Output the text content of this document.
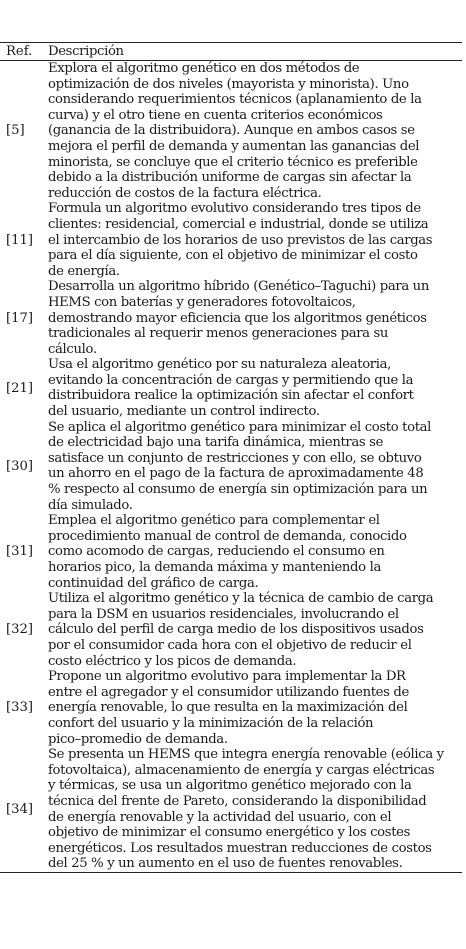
Ref.	Descripción
[5]
Explora el algoritmo genético en dos métodos de
optimización de dos niveles (mayorista y minorista). Uno
considerando requerimientos técnicos (aplanamiento de la
curva) y el otro tiene en cuenta criterios económicos
(ganancia de la distribuidora). Aunque en ambos casos se
mejora el perfil de demanda y aumentan las ganancias del
minorista, se concluye que el criterio técnico es preferible
debido a la distribución uniforme de cargas sin afectar la
reducción de costos de la factura eléctrica.
[11]
Formula un algoritmo evolutivo considerando tres tipos de
clientes: residencial, comercial e industrial, donde se utiliza
el intercambio de los horarios de uso previstos de las cargas
para el día siguiente, con el objetivo de minimizar el costo
de energía.
[17]
Desarrolla un algoritmo híbrido (Genético–Taguchi) para un
HEMS con baterías y generadores fotovoltaicos,
demostrando mayor eficiencia que los algoritmos genéticos
tradicionales al requerir menos generaciones para su
cálculo.
[21]
Usa el algoritmo genético por su naturaleza aleatoria,
evitando la concentración de cargas y permitiendo que la
distribuidora realice la optimización sin afectar el confort
del usuario, mediante un control indirecto.
[30]
Se aplica el algoritmo genético para minimizar el costo total
de electricidad bajo una tarifa dinámica, mientras se
satisface un conjunto de restricciones y con ello, se obtuvo
un ahorro en el pago de la factura de aproximadamente 48
% respecto al consumo de energía sin optimización para un
día simulado.
[31]
Emplea el algoritmo genético para complementar el
procedimiento manual de control de demanda, conocido
como acomodo de cargas, reduciendo el consumo en
horarios pico, la demanda máxima y manteniendo la
continuidad del gráfico de carga.
[32]
Utiliza el algoritmo genético y la técnica de cambio de carga
para la DSM en usuarios residenciales, involucrando el
cálculo del perfil de carga medio de los dispositivos usados
por el consumidor cada hora con el objetivo de reducir el
costo eléctrico y los picos de demanda.
[33]
Propone un algoritmo evolutivo para implementar la DR
entre el agregador y el consumidor utilizando fuentes de
energía renovable, lo que resulta en la maximización del
confort del usuario y la minimización de la relación
pico–promedio de demanda.
[34]
Se presenta un HEMS que integra energía renovable (eólica y
fotovoltaica), almacenamiento de energía y cargas eléctricas
y térmicas, se usa un algoritmo genético mejorado con la
técnica del frente de Pareto, considerando la disponibilidad
de energía renovable y la actividad del usuario, con el
objetivo de minimizar el consumo energético y los costes
energéticos. Los resultados muestran reducciones de costos
del 25 % y un aumento en el uso de fuentes renovables.
